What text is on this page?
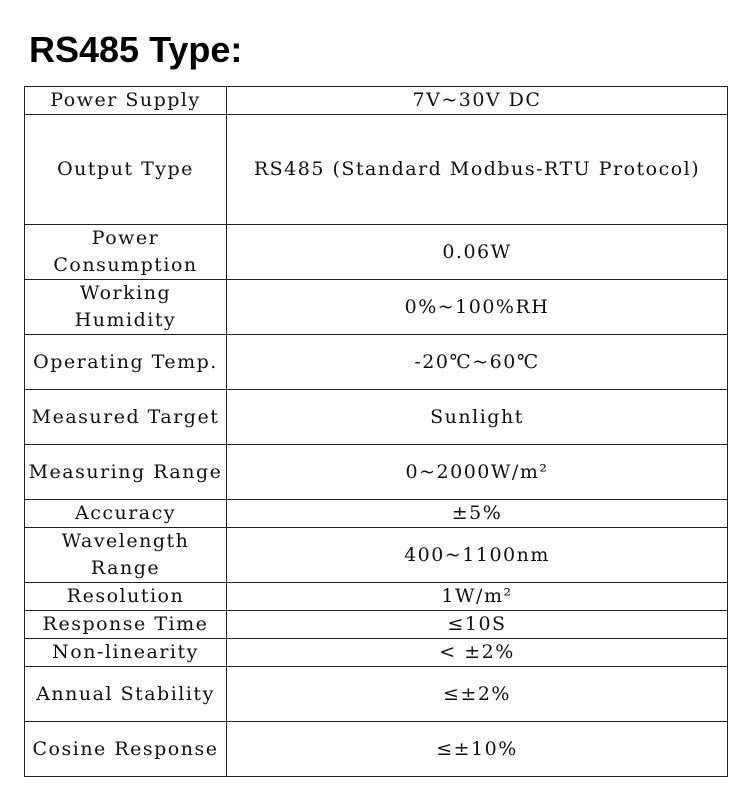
RS485 Type:
Power Supply	7V~30V DC
Output Type	RS485 (Standard Modbus-RTU Protocol)
Power Consumption	0.06W
Working Humidity	0%~100%RH
Operating Temp.	-20℃~60℃
Measured Target	Sunlight
Measuring Range	0~2000W/m²
Accuracy	±5%
Wavelength Range	400~1100nm
Resolution	1W/m²
Response Time	≤10S
Non-linearity	< ±2%
Annual Stability	≤±2%
Cosine Response	≤±10%
